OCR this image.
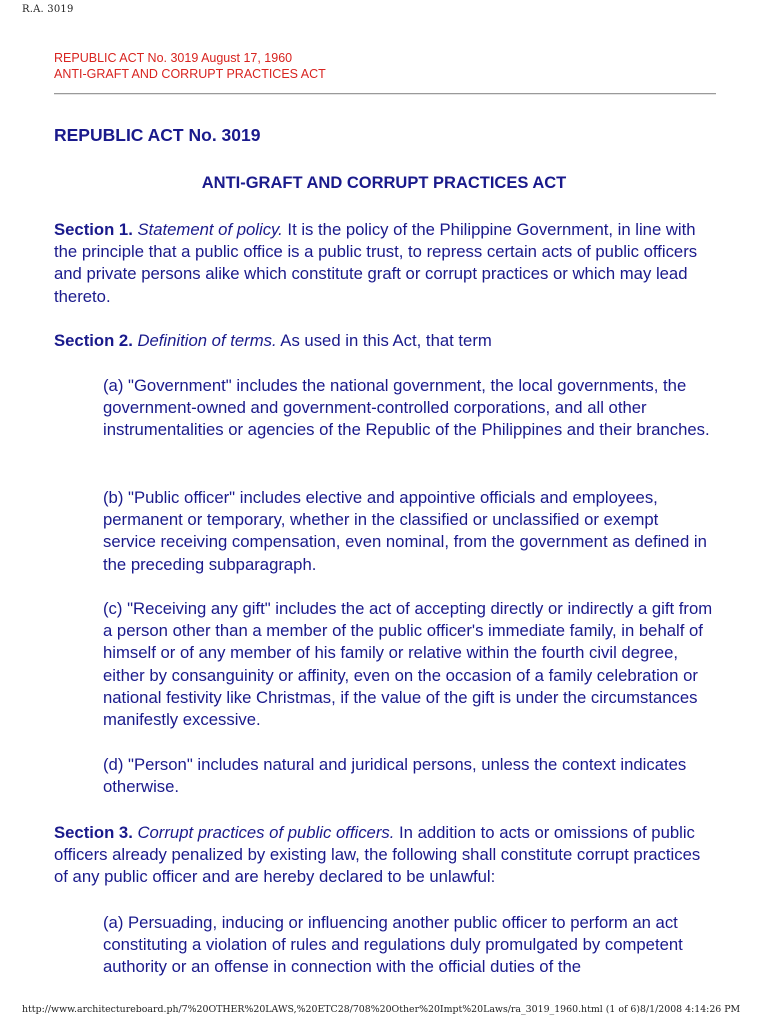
R.A. 3019
REPUBLIC ACT No. 3019 August 17, 1960
ANTI-GRAFT AND CORRUPT PRACTICES ACT
REPUBLIC ACT No. 3019
ANTI-GRAFT AND CORRUPT PRACTICES ACT
Section 1. Statement of policy. It is the policy of the Philippine Government, in line with the principle that a public office is a public trust, to repress certain acts of public officers and private persons alike which constitute graft or corrupt practices or which may lead thereto.
Section 2. Definition of terms. As used in this Act, that term
(a) "Government" includes the national government, the local governments, the government-owned and government-controlled corporations, and all other instrumentalities or agencies of the Republic of the Philippines and their branches.
(b) "Public officer" includes elective and appointive officials and employees, permanent or temporary, whether in the classified or unclassified or exempt service receiving compensation, even nominal, from the government as defined in the preceding subparagraph.
(c) "Receiving any gift" includes the act of accepting directly or indirectly a gift from a person other than a member of the public officer's immediate family, in behalf of himself or of any member of his family or relative within the fourth civil degree, either by consanguinity or affinity, even on the occasion of a family celebration or national festivity like Christmas, if the value of the gift is under the circumstances manifestly excessive.
(d) "Person" includes natural and juridical persons, unless the context indicates otherwise.
Section 3. Corrupt practices of public officers. In addition to acts or omissions of public officers already penalized by existing law, the following shall constitute corrupt practices of any public officer and are hereby declared to be unlawful:
(a) Persuading, inducing or influencing another public officer to perform an act constituting a violation of rules and regulations duly promulgated by competent authority or an offense in connection with the official duties of the
http://www.architectureboard.ph/7%20OTHER%20LAWS,%20ETC28/708%20Other%20Impt%20Laws/ra_3019_1960.html (1 of 6)8/1/2008 4:14:26 PM
